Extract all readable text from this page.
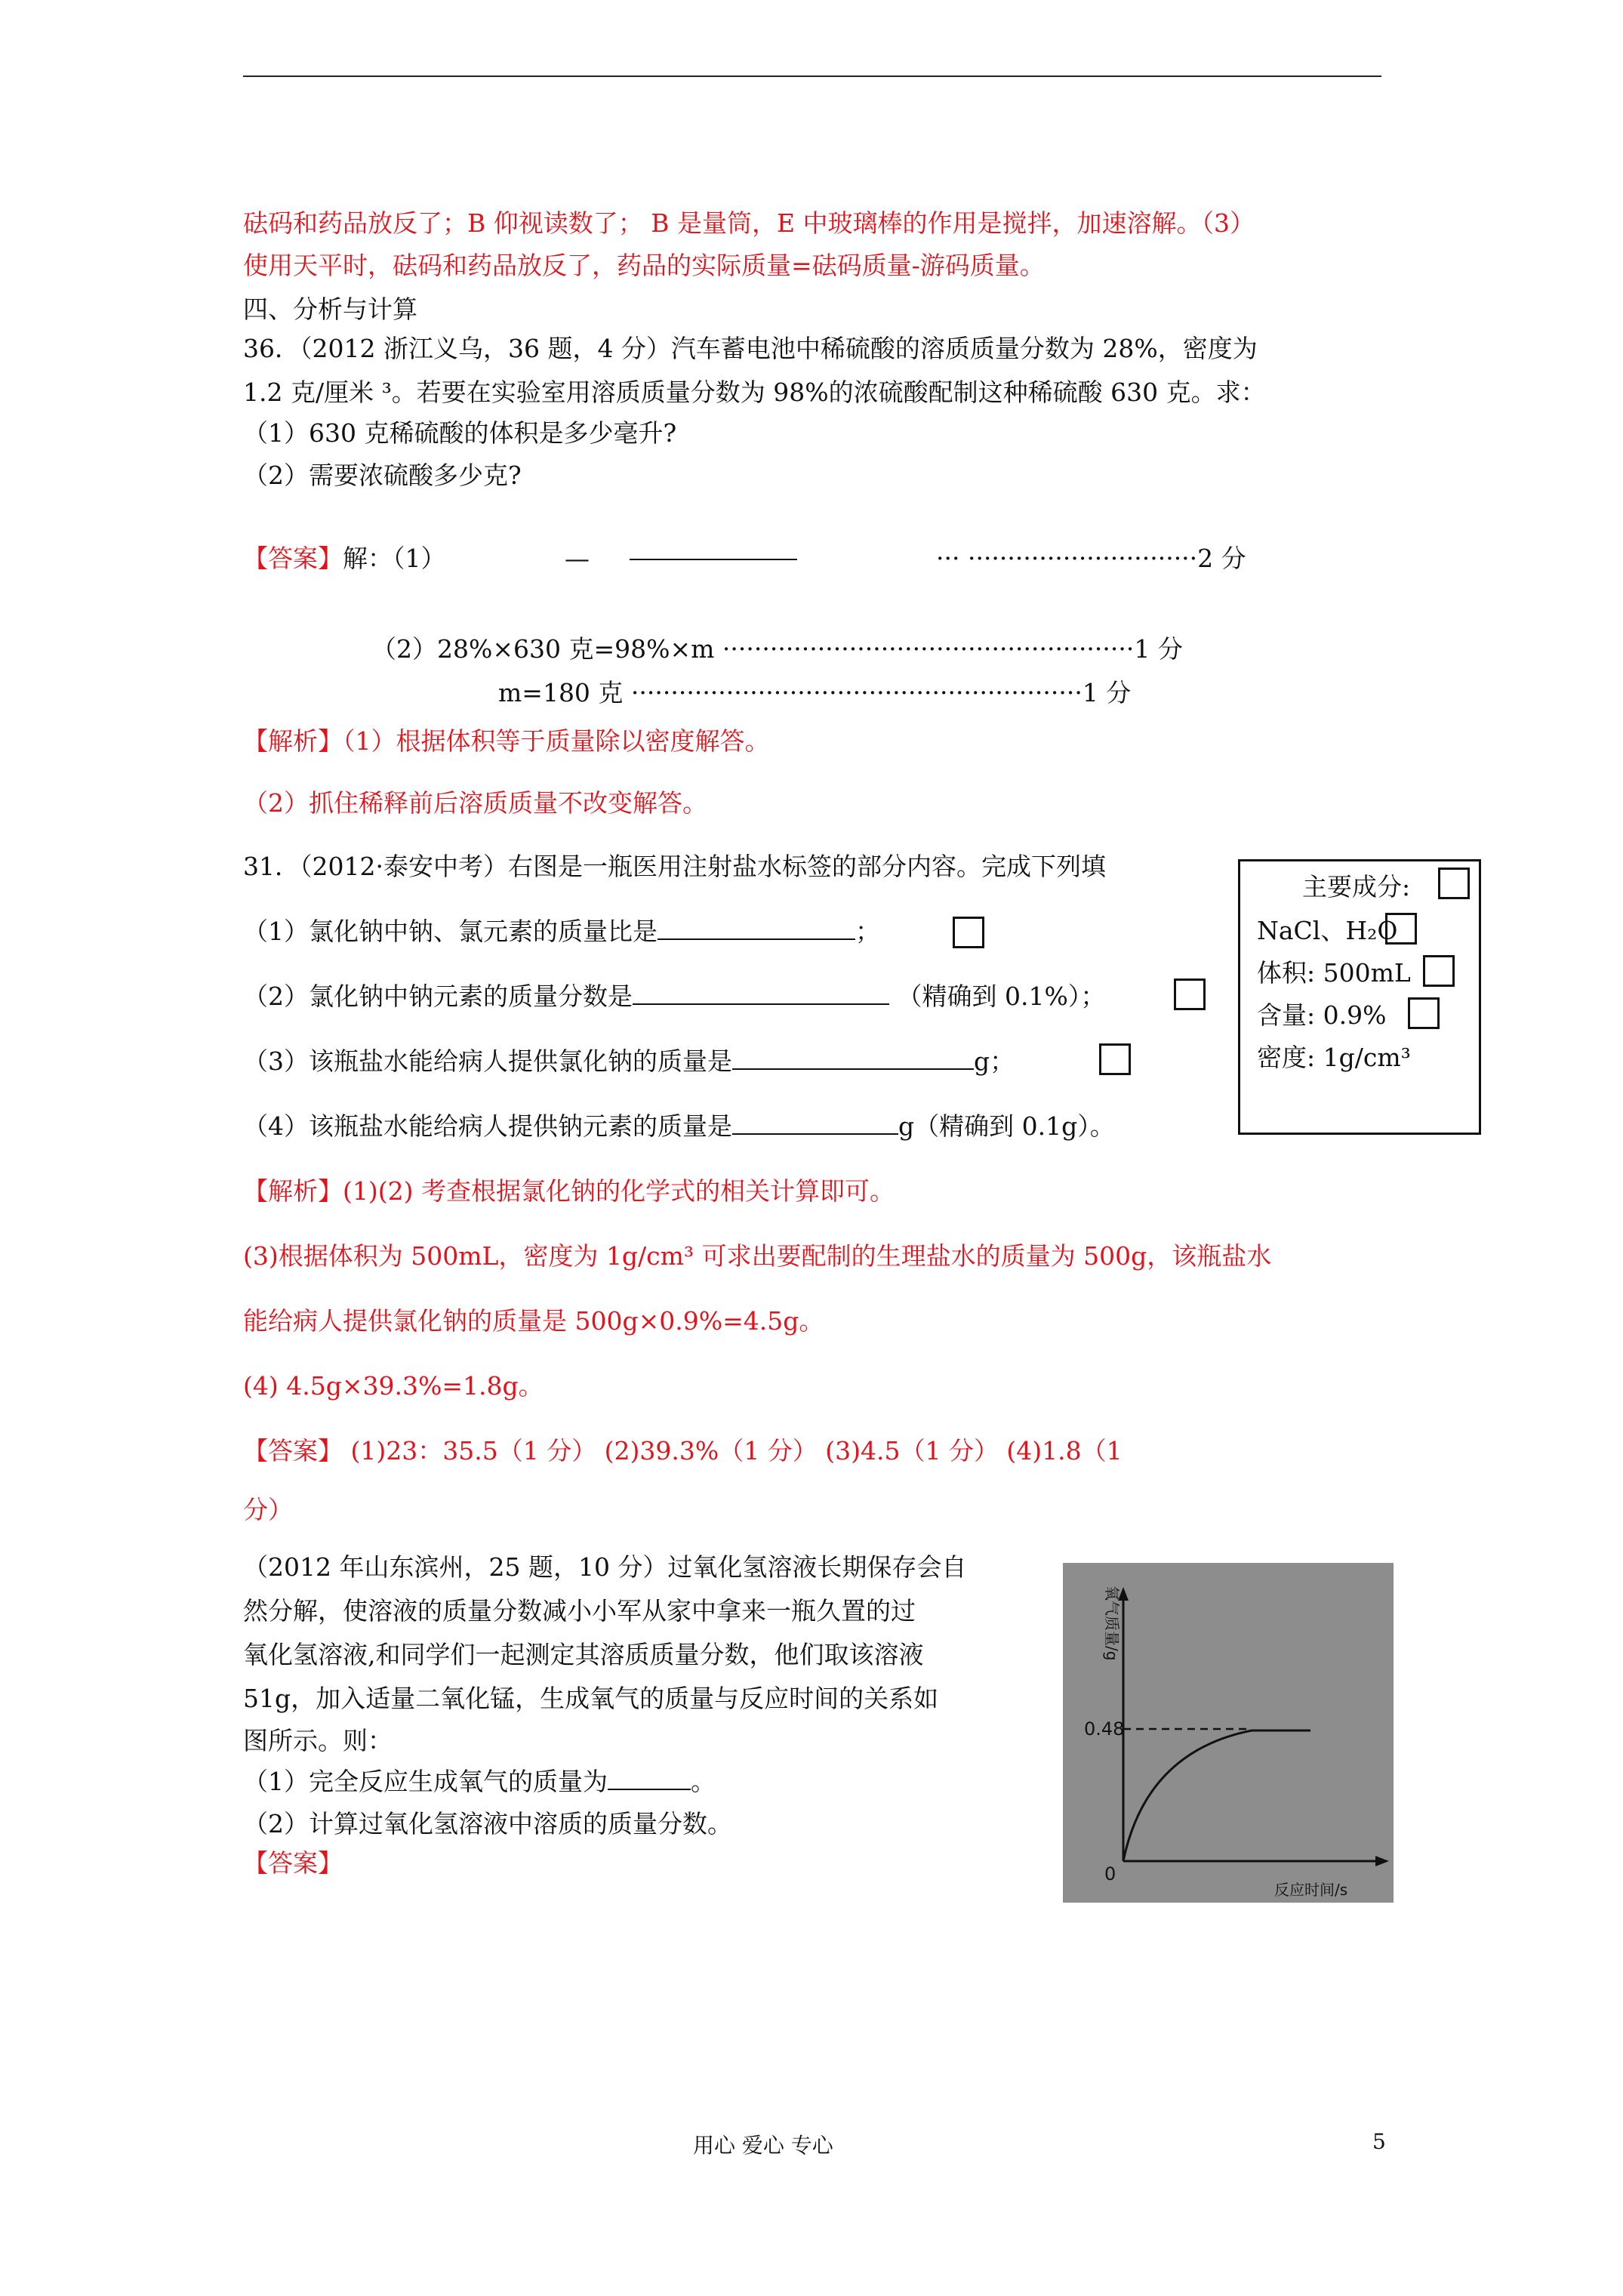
砝码和药品放反了；B 仰视读数了； B 是量筒，E 中玻璃棒的作用是搅拌，加速溶解。（3）
使用天平时，砝码和药品放反了，药品的实际质量=砝码质量-游码质量。
四、分析与计算
36．（2012 浙江义乌，36 题，4 分）汽车蓄电池中稀硫酸的溶质质量分数为 28%，密度为
1.2 克/厘米 ³。若要在实验室用溶质质量分数为 98%的浓硫酸配制这种稀硫酸 630 克。求：
（1）630 克稀硫酸的体积是多少毫升?
（2）需要浓硫酸多少克?
【答案】解：（1）	—	··· ·····························2 分
（2）28%×630 克=98%×m ····················································1 分
m=180 克 ·························································1 分
【解析】（1）根据体积等于质量除以密度解答。
（2）抓住稀释前后溶质质量不改变解答。
31．（2012·泰安中考）右图是一瓶医用注射盐水标签的部分内容。完成下列填
（1）氯化钠中钠、氯元素的质量比是	；
（2）氯化钠中钠元素的质量分数是	（精确到 0.1%）；
（3）该瓶盐水能给病人提供氯化钠的质量是	g；
（4）该瓶盐水能给病人提供钠元素的质量是	g（精确到 0.1g）。
主要成分:
NaCl、H₂O
体积: 500mL
含量: 0.9%
密度: 1g/cm³
【解析】(1)(2) 考查根据氯化钠的化学式的相关计算即可。
(3)根据体积为 500mL，密度为 1g/cm³ 可求出要配制的生理盐水的质量为 500g，该瓶盐水
能给病人提供氯化钠的质量是 500g×0.9%=4.5g。
(4) 4.5g×39.3%=1.8g。
【答案】 (1)23：35.5（1 分） (2)39.3%（1 分） (3)4.5（1 分） (4)1.8（1
分）
（2012 年山东滨州，25 题，10 分）过氧化氢溶液长期保存会自
然分解，使溶液的质量分数减小小军从家中拿来一瓶久置的过
氧化氢溶液,和同学们一起测定其溶质质量分数，他们取该溶液
51g，加入适量二氧化锰，生成氧气的质量与反应时间的关系如
图所示。则：
（1）完全反应生成氧气的质量为	。
（2）计算过氧化氢溶液中溶质的质量分数。
【答案】
0.48
0
反应时间/s
氧气质量/g
用心 爱心 专心	5
